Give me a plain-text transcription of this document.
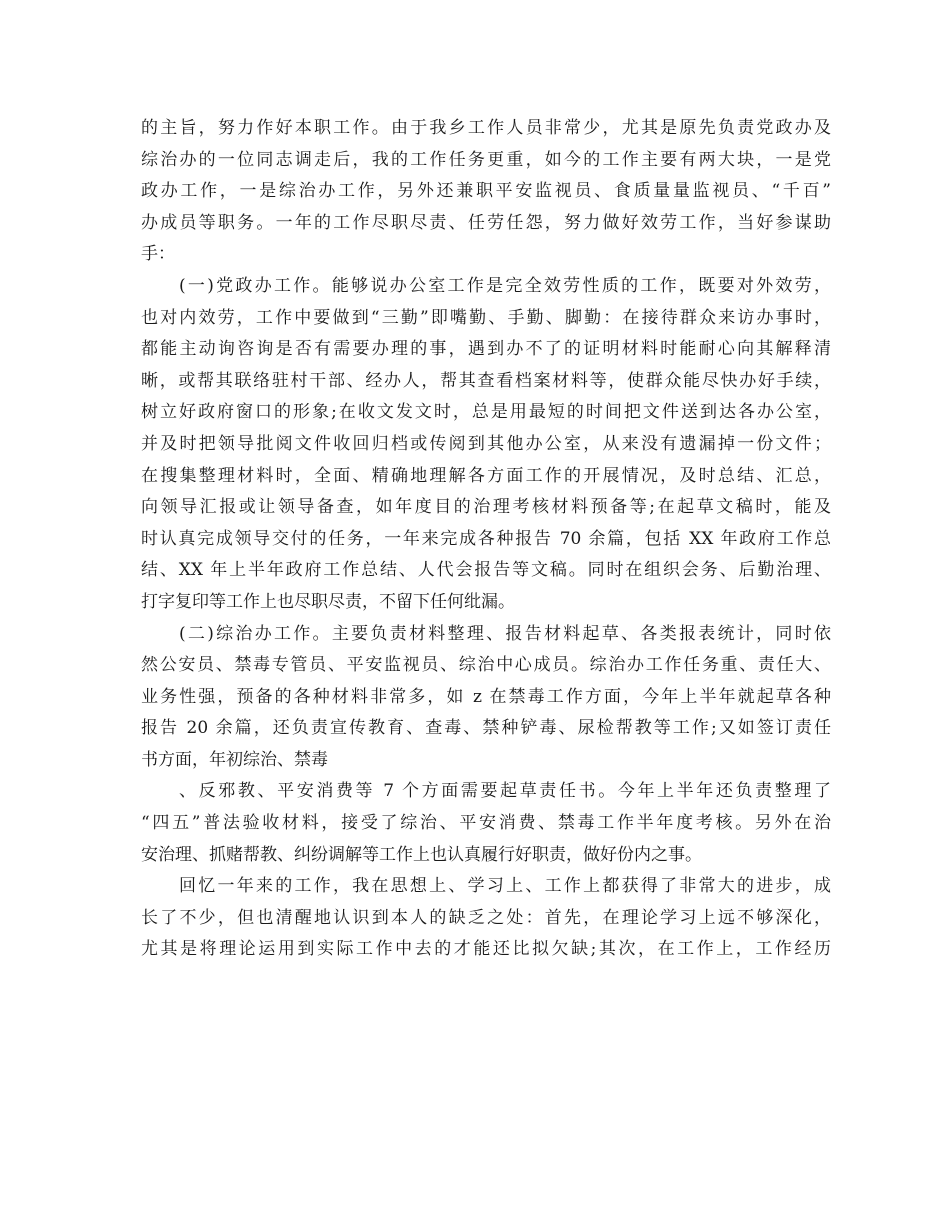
的主旨，努力作好本职工作。由于我乡工作人员非常少，尤其是原先负责党政办及
综治办的一位同志调走后，我的工作任务更重，如今的工作主要有两大块，一是党
政办工作，一是综治办工作，另外还兼职平安监视员、食质量量监视员、“千百”
办成员等职务。一年的工作尽职尽责、任劳任怨，努力做好效劳工作，当好参谋助
手：
(一)党政办工作。能够说办公室工作是完全效劳性质的工作，既要对外效劳，
也对内效劳，工作中要做到“三勤”即嘴勤、手勤、脚勤：在接待群众来访办事时，
都能主动询咨询是否有需要办理的事，遇到办不了的证明材料时能耐心向其解释清
晰，或帮其联络驻村干部、经办人，帮其查看档案材料等，使群众能尽快办好手续，
树立好政府窗口的形象;在收文发文时，总是用最短的时间把文件送到达各办公室，
并及时把领导批阅文件收回归档或传阅到其他办公室，从来没有遗漏掉一份文件；
在搜集整理材料时，全面、精确地理解各方面工作的开展情况，及时总结、汇总，
向领导汇报或让领导备查，如年度目的治理考核材料预备等;在起草文稿时，能及
时认真完成领导交付的任务，一年来完成各种报告 70 余篇，包括 XX 年政府工作总
结、XX 年上半年政府工作总结、人代会报告等文稿。同时在组织会务、后勤治理、
打字复印等工作上也尽职尽责，不留下任何纰漏。
(二)综治办工作。主要负责材料整理、报告材料起草、各类报表统计，同时依
然公安员、禁毒专管员、平安监视员、综治中心成员。综治办工作任务重、责任大、
业务性强，预备的各种材料非常多，如 z 在禁毒工作方面，今年上半年就起草各种
报告 20 余篇，还负责宣传教育、查毒、禁种铲毒、尿检帮教等工作;又如签订责任
书方面，年初综治、禁毒
、反邪教、平安消费等 7 个方面需要起草责任书。今年上半年还负责整理了
“四五”普法验收材料，接受了综治、平安消费、禁毒工作半年度考核。另外在治
安治理、抓赌帮教、纠纷调解等工作上也认真履行好职责，做好份内之事。
回忆一年来的工作，我在思想上、学习上、工作上都获得了非常大的进步，成
长了不少，但也清醒地认识到本人的缺乏之处：首先，在理论学习上远不够深化，
尤其是将理论运用到实际工作中去的才能还比拟欠缺;其次，在工作上，工作经历
